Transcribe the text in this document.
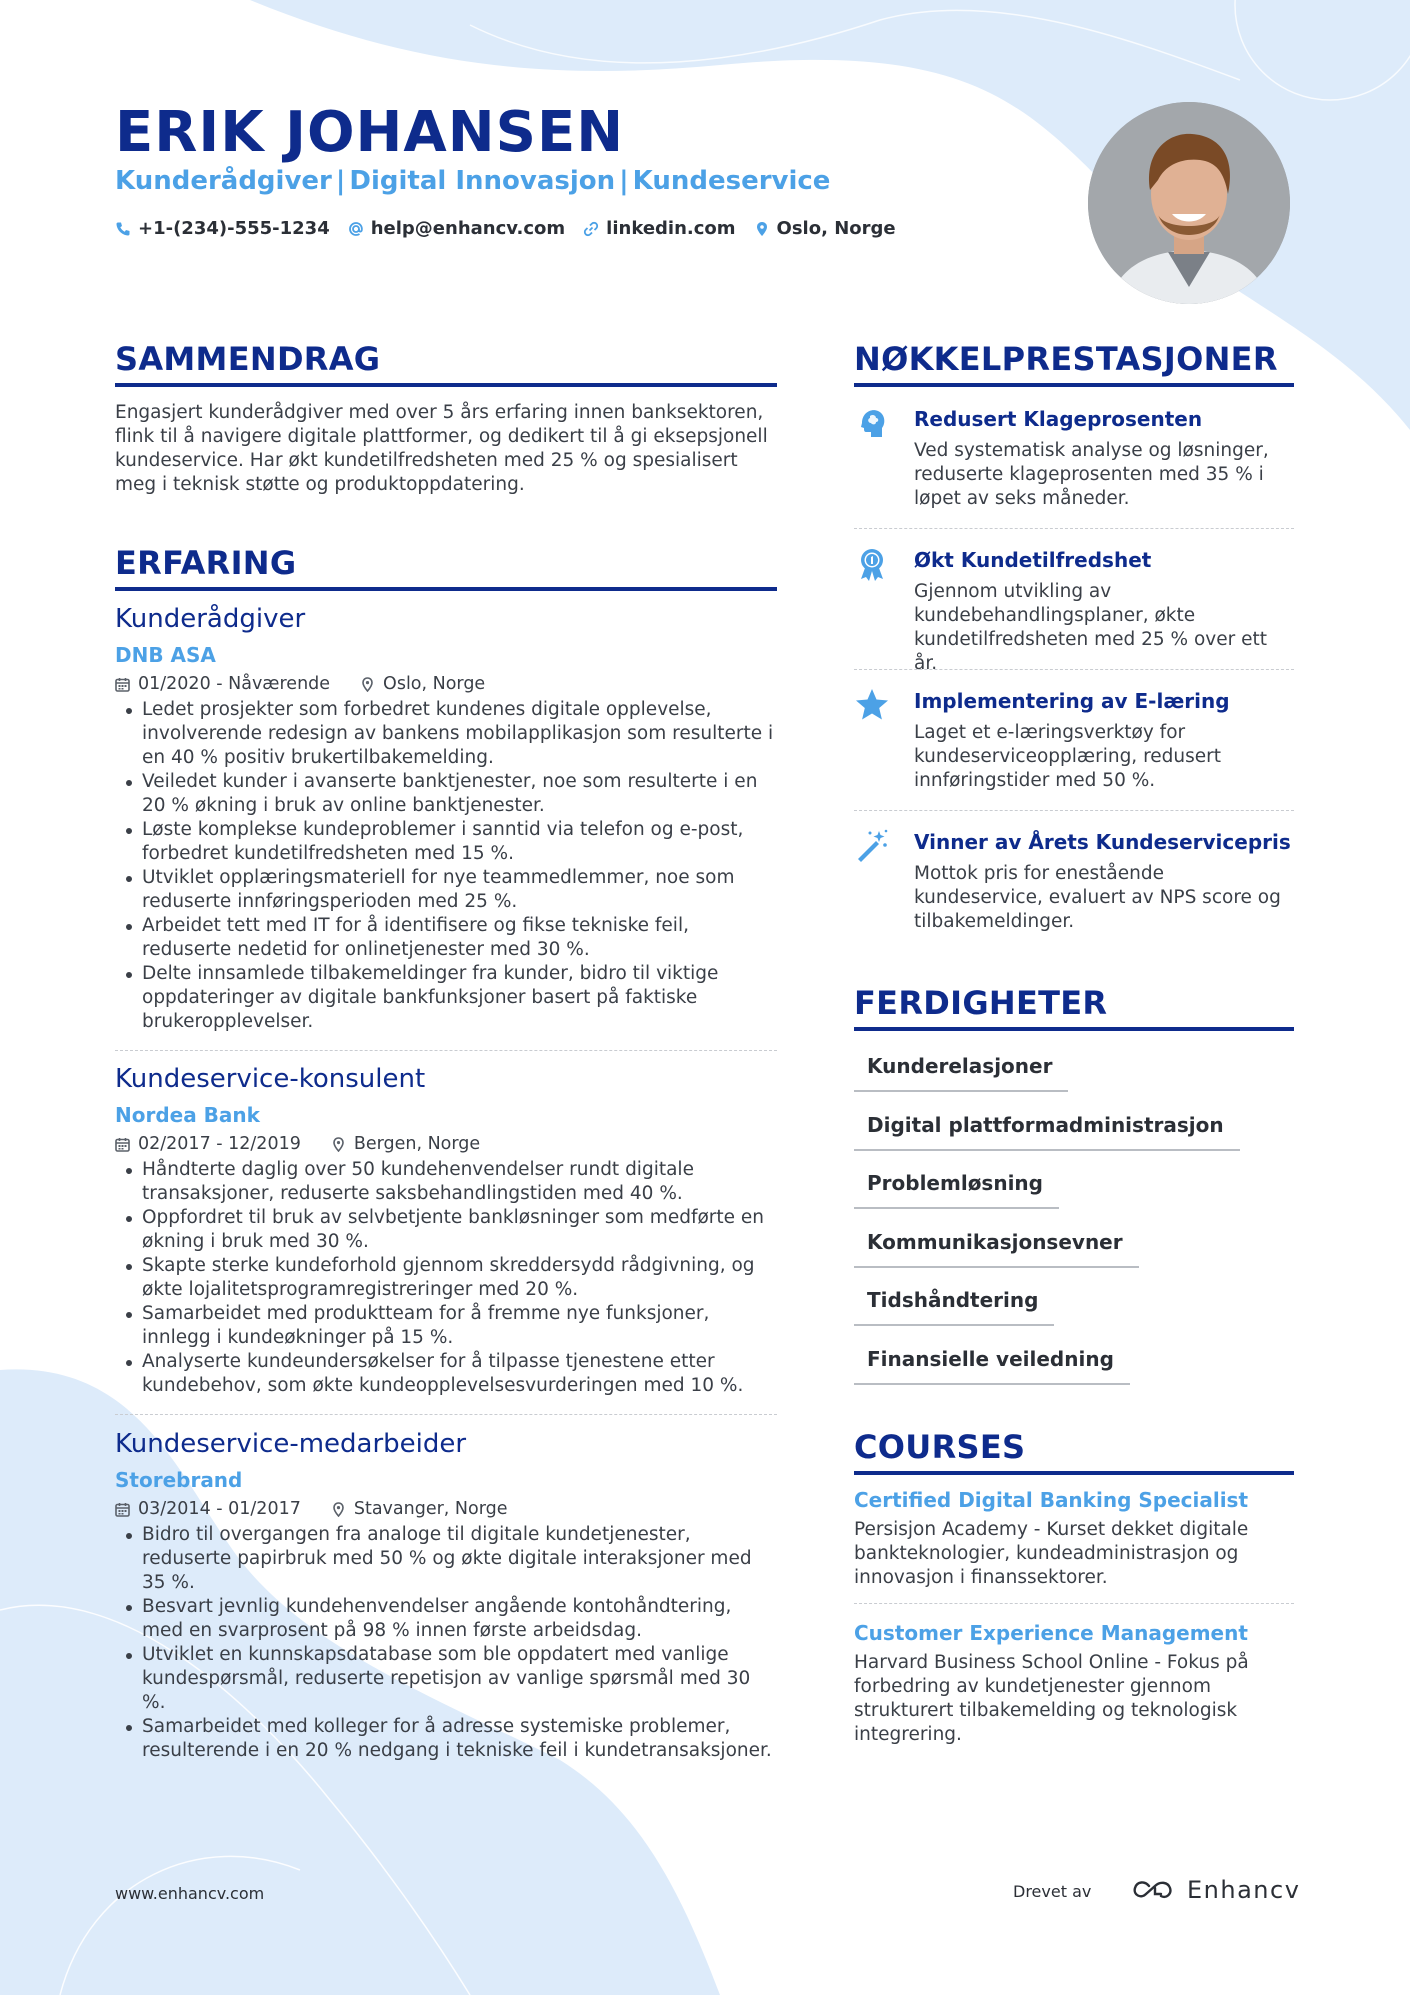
ERIK JOHANSEN
Kunderådgiver | Digital Innovasjon | Kundeservice
+1-(234)-555-1234 help@enhancv.com linkedin.com Oslo, Norge
SAMMENDRAG

Engasjert kunderådgiver med over 5 års erfaring innen banksektoren, flink til å navigere digitale plattformer, og dedikert til å gi eksepsjonell kundeservice. Har økt kundetilfredsheten med 25 % og spesialisert meg i teknisk støtte og produktoppdatering.

ERFARING
Kunderådgiver
DNB ASA
01/2020 - Nåværende	Oslo, Norge
Ledet prosjekter som forbedret kundenes digitale opplevelse, involverende redesign av bankens mobilapplikasjon som resulterte i en 40 % positiv brukertilbakemelding.
Veiledet kunder i avanserte banktjenester, noe som resulterte i en 20 % økning i bruk av online banktjenester.
Løste komplekse kundeproblemer i sanntid via telefon og e-post, forbedret kundetilfredsheten med 15 %.
Utviklet opplæringsmateriell for nye teammedlemmer, noe som reduserte innføringsperioden med 25 %.
Arbeidet tett med IT for å identifisere og fikse tekniske feil, reduserte nedetid for onlinetjenester med 30 %.
Delte innsamlede tilbakemeldinger fra kunder, bidro til viktige oppdateringer av digitale bankfunksjoner basert på faktiske brukeropplevelser.
Kundeservice-konsulent
Nordea Bank
02/2017 - 12/2019	Bergen, Norge
Håndterte daglig over 50 kundehenvendelser rundt digitale transaksjoner, reduserte saksbehandlingstiden med 40 %.
Oppfordret til bruk av selvbetjente bankløsninger som medførte en økning i bruk med 30 %.
Skapte sterke kundeforhold gjennom skreddersydd rådgivning, og økte lojalitetsprogramregistreringer med 20 %.
Samarbeidet med produktteam for å fremme nye funksjoner, innlegg i kundeøkninger på 15 %.
Analyserte kundeundersøkelser for å tilpasse tjenestene etter kundebehov, som økte kundeopplevelsesvurderingen med 10 %.
Kundeservice-medarbeider
Storebrand
03/2014 - 01/2017	Stavanger, Norge
Bidro til overgangen fra analoge til digitale kundetjenester, reduserte papirbruk med 50 % og økte digitale interaksjoner med 35 %.
Besvart jevnlig kundehenvendelser angående kontohåndtering, med en svarprosent på 98 % innen første arbeidsdag.
Utviklet en kunnskapsdatabase som ble oppdatert med vanlige kundespørsmål, reduserte repetisjon av vanlige spørsmål med 30 %.
Samarbeidet med kolleger for å adresse systemiske problemer, resulterende i en 20 % nedgang i tekniske feil i kundetransaksjoner.
NØKKELPRESTASJONER
Redusert Klageprosenten
Ved systematisk analyse og løsninger, reduserte klageprosenten med 35 % i løpet av seks måneder.
Økt Kundetilfredshet
Gjennom utvikling av kundebehandlingsplaner, økte kundetilfredsheten med 25 % over ett år.
Implementering av E-læring
Laget et e-læringsverktøy for kundeserviceopplæring, redusert innføringstider med 50 %.
Vinner av Årets Kundeservicepris
Mottok pris for enestående kundeservice, evaluert av NPS score og tilbakemeldinger.
FERDIGHETER
Kunderelasjoner
Digital plattformadministrasjon
Problemløsning
Kommunikasjonsevner
Tidshåndtering
Finansielle veiledning
COURSES
Certified Digital Banking Specialist
Persisjon Academy - Kurset dekket digitale bankteknologier, kundeadministrasjon og innovasjon i finanssektorer.
Customer Experience Management
Harvard Business School Online - Fokus på forbedring av kundetjenester gjennom strukturert tilbakemelding og teknologisk integrering.
www.enhancv.com	Drevet av	Enhancv
